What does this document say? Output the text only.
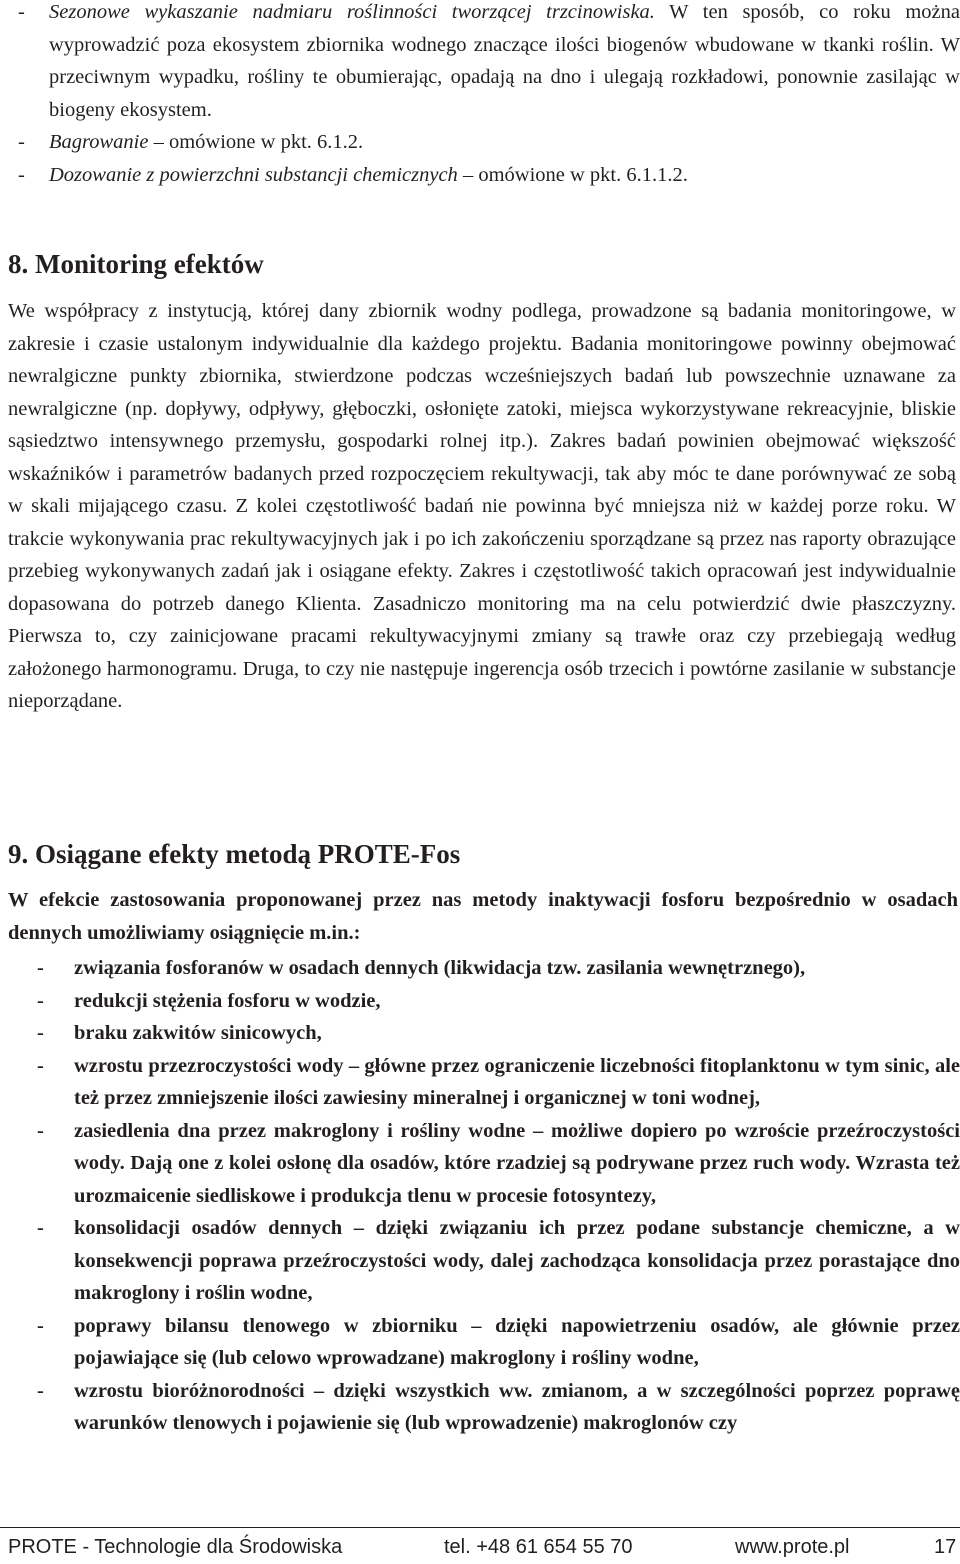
- Sezonowe wykaszanie nadmiaru roślinności tworzącej trzcinowiska. W ten sposób, co roku można wyprowadzić poza ekosystem zbiornika wodnego znaczące ilości biogenów wbudowane w tkanki roślin. W przeciwnym wypadku, rośliny te obumierając, opadają na dno i ulegają rozkładowi, ponownie zasilając w biogeny ekosystem.
- Bagrowanie – omówione w pkt. 6.1.2.
- Dozowanie z powierzchni substancji chemicznych – omówione w pkt. 6.1.1.2.
8. Monitoring efektów
We współpracy z instytucją, której dany zbiornik wodny podlega, prowadzone są badania monitoringowe, w zakresie i czasie ustalonym indywidualnie dla każdego projektu. Badania monitoringowe powinny obejmować newralgiczne punkty zbiornika, stwierdzone podczas wcześniejszych badań lub powszechnie uznawane za newralgiczne (np. dopływy, odpływy, głęboczki, osłonięte zatoki, miejsca wykorzystywane rekreacyjnie, bliskie sąsiedztwo intensywnego przemysłu, gospodarki rolnej itp.). Zakres badań powinien obejmować większość wskaźników i parametrów badanych przed rozpoczęciem rekultywacji, tak aby móc te dane porównywać ze sobą w skali mijającego czasu. Z kolei częstotliwość badań nie powinna być mniejsza niż w każdej porze roku. W trakcie wykonywania prac rekultywacyjnych jak i po ich zakończeniu sporządzane są przez nas raporty obrazujące przebieg wykonywanych zadań jak i osiągane efekty. Zakres i częstotliwość takich opracowań jest indywidualnie dopasowana do potrzeb danego Klienta. Zasadniczo monitoring ma na celu potwierdzić dwie płaszczyzny. Pierwsza to, czy zainicjowane pracami rekultywacyjnymi zmiany są trawłe oraz czy przebiegają według założonego harmonogramu. Druga, to czy nie następuje ingerencja osób trzecich i powtórne zasilanie w substancje nieporządane.
9. Osiągane efekty metodą PROTE-Fos
W efekcie zastosowania proponowanej przez nas metody inaktywacji fosforu bezpośrednio w osadach dennych umożliwiamy osiągnięcie m.in.:
- związania fosforanów w osadach dennych (likwidacja tzw. zasilania wewnętrznego),
- redukcji stężenia fosforu w wodzie,
- braku zakwitów sinicowych,
- wzrostu przezroczystości wody – główne przez ograniczenie liczebności fitoplanktonu w tym sinic, ale też przez zmniejszenie ilości zawiesiny mineralnej i organicznej w toni wodnej,
- zasiedlenia dna przez makroglony i rośliny wodne – możliwe dopiero po wzroście przeźroczystości wody. Dają one z kolei osłonę dla osadów, które rzadziej są podrywane przez ruch wody. Wzrasta też urozmaicenie siedliskowe i produkcja tlenu w procesie fotosyntezy,
- konsolidacji osadów dennych – dzięki związaniu ich przez podane substancje chemiczne, a w konsekwencji poprawa przeźroczystości wody, dalej zachodząca konsolidacja przez porastające dno makroglony i roślin wodne,
- poprawy bilansu tlenowego w zbiorniku – dzięki napowietrzeniu osadów, ale głównie przez pojawiające się (lub celowo wprowadzane) makroglony i rośliny wodne,
- wzrostu bioróżnorodności – dzięki wszystkich ww. zmianom, a w szczególności poprzez poprawę warunków tlenowych i pojawienie się (lub wprowadzenie) makroglonów czy
PROTE - Technologie dla Środowiska	tel. +48 61 654 55 70	www.prote.pl	17
